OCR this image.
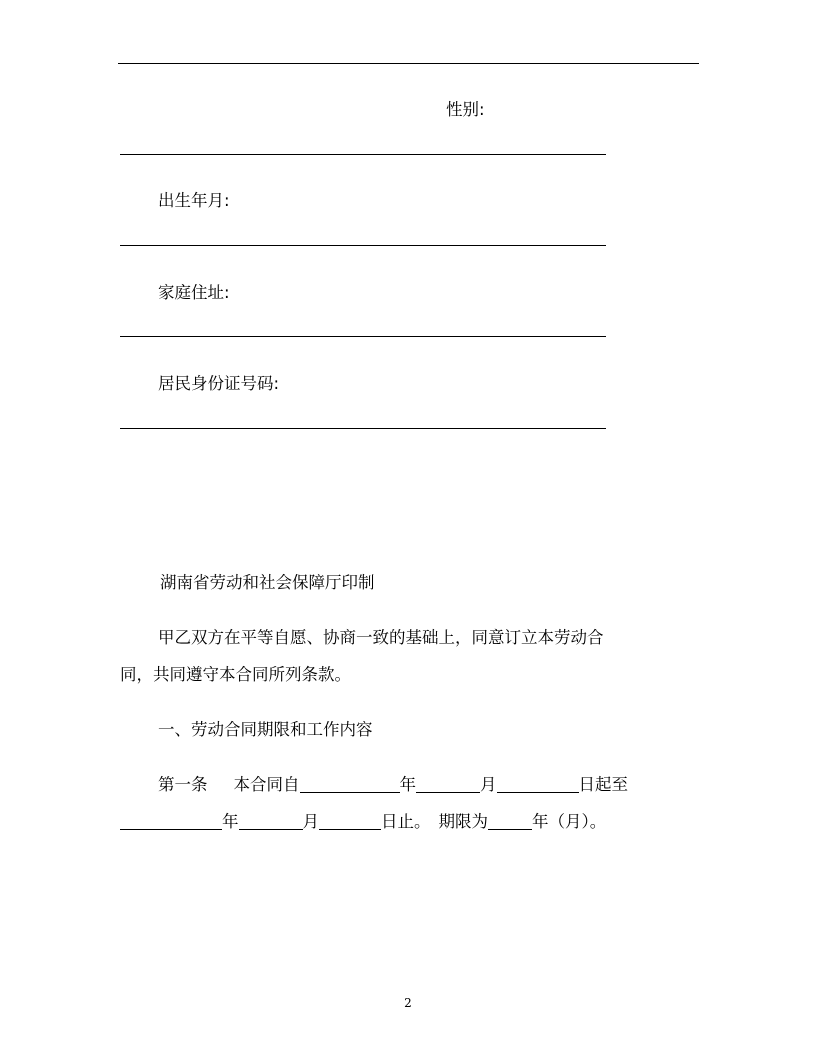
性别:
出生年月:
家庭住址:
居民身份证号码:
湖南省劳动和社会保障厅印制
甲乙双方在平等自愿、协商一致的基础上，同意订立本劳动合
同，共同遵守本合同所列条款。
一、劳动合同期限和工作内容
第一条 本合同自	年	月	日起至
年	月	日止。 期限为	年（月）。
2
